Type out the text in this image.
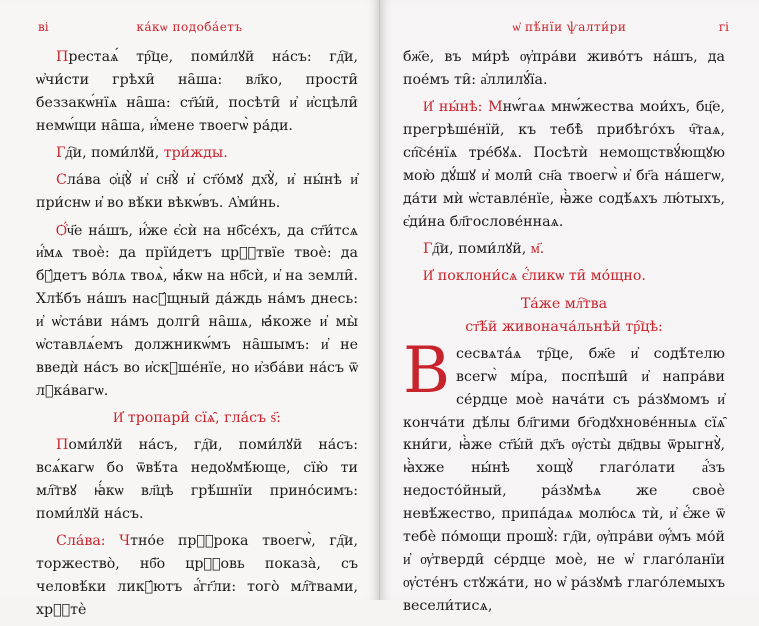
ві	ка́кѡ подоба́етъ

Престаѧ́ тр҇це, поми́лꙋй на́съ: гд҇и, ѡ҆чи́сти грѣхи̑ на̑ша: вл҃ко, прости̑ беззакѡ́нїѧ на̑ша: ст҃ы́й, посѣти̑ и҆ и҆сцѣли̑ немѡ́щи на̑ша, и҆́мене твоегѡ̀ ра́ди.

Гд҇и, поми́лꙋй, три́жды.

Сла́ва ѻ҆ц҃ꙋ̀ и҆ сн҃ꙋ̀ и҆ ст҃о́мꙋ дх҃ꙋ̀, и҆ ны́нѣ и҆ при́снѡ и҆ во вѣ́ки вѣкѡ́въ. А҆ми́нь.

Ѻ҆́ч҃е на́шъ, и҆́же є҆сѝ на нб҃се́хъ, да ст҃и́тсѧ и҆́мѧ твоѐ: да прїи́детъ црⷭ҇твїе твоѐ: да бꙋ́детъ во́лѧ твоѧ̀, ꙗ҆́кѡ на нб҃сѝ, и҆ на земли̑. Хлѣ́бъ на́шъ насꙋ́щный да́ждь на́мъ днесь: и҆ ѡ҆ста́ви на́мъ долги̑ на̑шѧ, ꙗ҆́коже и҆ мы̀ ѡ҆ставлѧ́емъ должникѡ́мъ на̑шымъ: и҆ не введѝ на́съ во и҆скꙋше́нїе, но и҆зба́ви на́съ ѿ лꙋка́вагѡ.

И҆ тропари̑ сїѧ̑, гла́съ ѕ҃:

Поми́лꙋй на́съ, гд҇и, поми́лꙋй на́съ: всѧ́кагѡ бо ѿвѣ́та недоꙋмѣ́юще, сїю̀ ти мл҇твꙋ ꙗ҆́кѡ вл҃цѣ грѣ́шнїи прино́симъ: поми́лꙋй на́съ.

Сла́ва: Чтно́е прⷪ҇рока твоегѡ̀, гд҇и, торжество̀, нб҃о црⷦ҇овь показа̀, съ человѣ́ки ликꙋ́ютъ а҆́гг҃ли: того̀ мл҇твами, хрⷭ҇тѐ

ѡ҆ пѣ́нїи ѱалти́ри	гі

бж҃е, въ ми́рѣ ѹ҆пра́ви живо́тъ на́шъ, да пое́мъ ти̑: а҆ллилꙋ́їа.

И҆ ны́нѣ: Мнѡ́гаѧ мнѡ́жества мои́хъ, бц҃е, прегрѣше́нїй, къ тебѣ̀ прибѣго́хъ ч҇таѧ, сп҇се́нїѧ тре́бꙋѧ. Посѣтѝ немощствꙋ́ющꙋю мою̀ дꙋ́шꙋ и҆ моли̑ сн҃а твоегѡ̀ и҆ бг҃а на́шегѡ, да́ти мѝ ѡ҆ставле́нїе, ꙗ҆̀же содѣ́ѧхъ лю́тыхъ, є҆ди́на бл҃гослове́ннаѧ.

Гд҇и, поми́лꙋй, м҃.

И҆ поклони́сѧ є҆́ликѡ ти̑ мо́щно.

Та́же мл҇тва

ст҃ѣ́й живонача́льнѣй тр҇цѣ:

Всесвѧта́ѧ тр҇це, бж҃е и҆ содѣ́телю всегѡ̀ мі́ра, поспѣши̑ и҆ напра́ви се́рдце моѐ нача́ти съ ра́зꙋмомъ и҆ конча́ти дѣ́лы бл҃гими бг҃одꙋхнове́нныѧ сїѧ̑ кни́ги, ꙗ҆̀же ст҃ы́й дх҃ъ ѹ҆сты̀ дв҃двы ѿрыгнꙋ̀, ꙗ҆̀хже ны́нѣ хощꙋ̀ глаго́лати а҆́зъ недосто́йный, ра́зꙋмѣѧ же своѐ невѣ́жество, припа́даѧ молю́сѧ тѝ, и҆ є҆́же ѿ тебѐ по́мощи прошꙋ̀: гд҇и, ѹ҆пра́ви ѹ҆́мъ мо́й и҆ ѹ҆тверди̑ се́рдце моѐ, не ѡ҆ глаго́ланїи ѹ҆сте́нъ стꙋжа́ти, но ѡ҆ ра́зꙋмѣ глаго́лемыхъ весели́тисѧ,
